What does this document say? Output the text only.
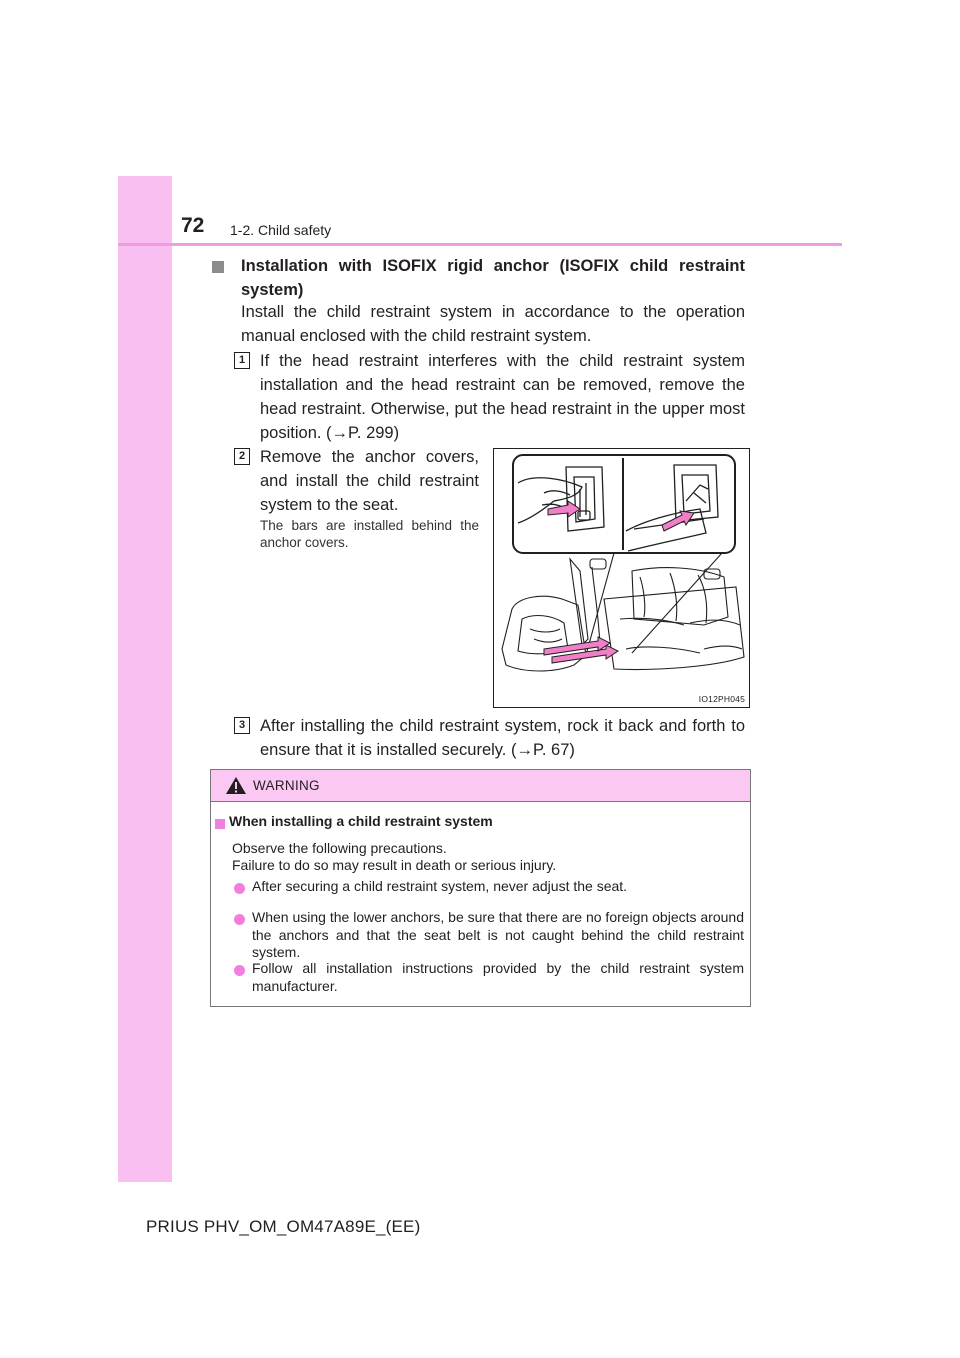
72 1-2. Child safety
Installation with ISOFIX rigid anchor (ISOFIX child restraint system)
Install the child restraint system in accordance to the operation manual enclosed with the child restraint system.
1 If the head restraint interferes with the child restraint system installation and the head restraint can be removed, remove the head restraint. Otherwise, put the head restraint in the upper most position. (→P. 299)
2 Remove the anchor covers, and install the child restraint system to the seat.
The bars are installed behind the anchor covers.
IO12PH045
3 After installing the child restraint system, rock it back and forth to ensure that it is installed securely. (→P. 67)
WARNING
When installing a child restraint system
Observe the following precautions.
Failure to do so may result in death or serious injury.
After securing a child restraint system, never adjust the seat.
When using the lower anchors, be sure that there are no foreign objects around the anchors and that the seat belt is not caught behind the child restraint system.
Follow all installation instructions provided by the child restraint system manufacturer.
PRIUS PHV_OM_OM47A89E_(EE)
